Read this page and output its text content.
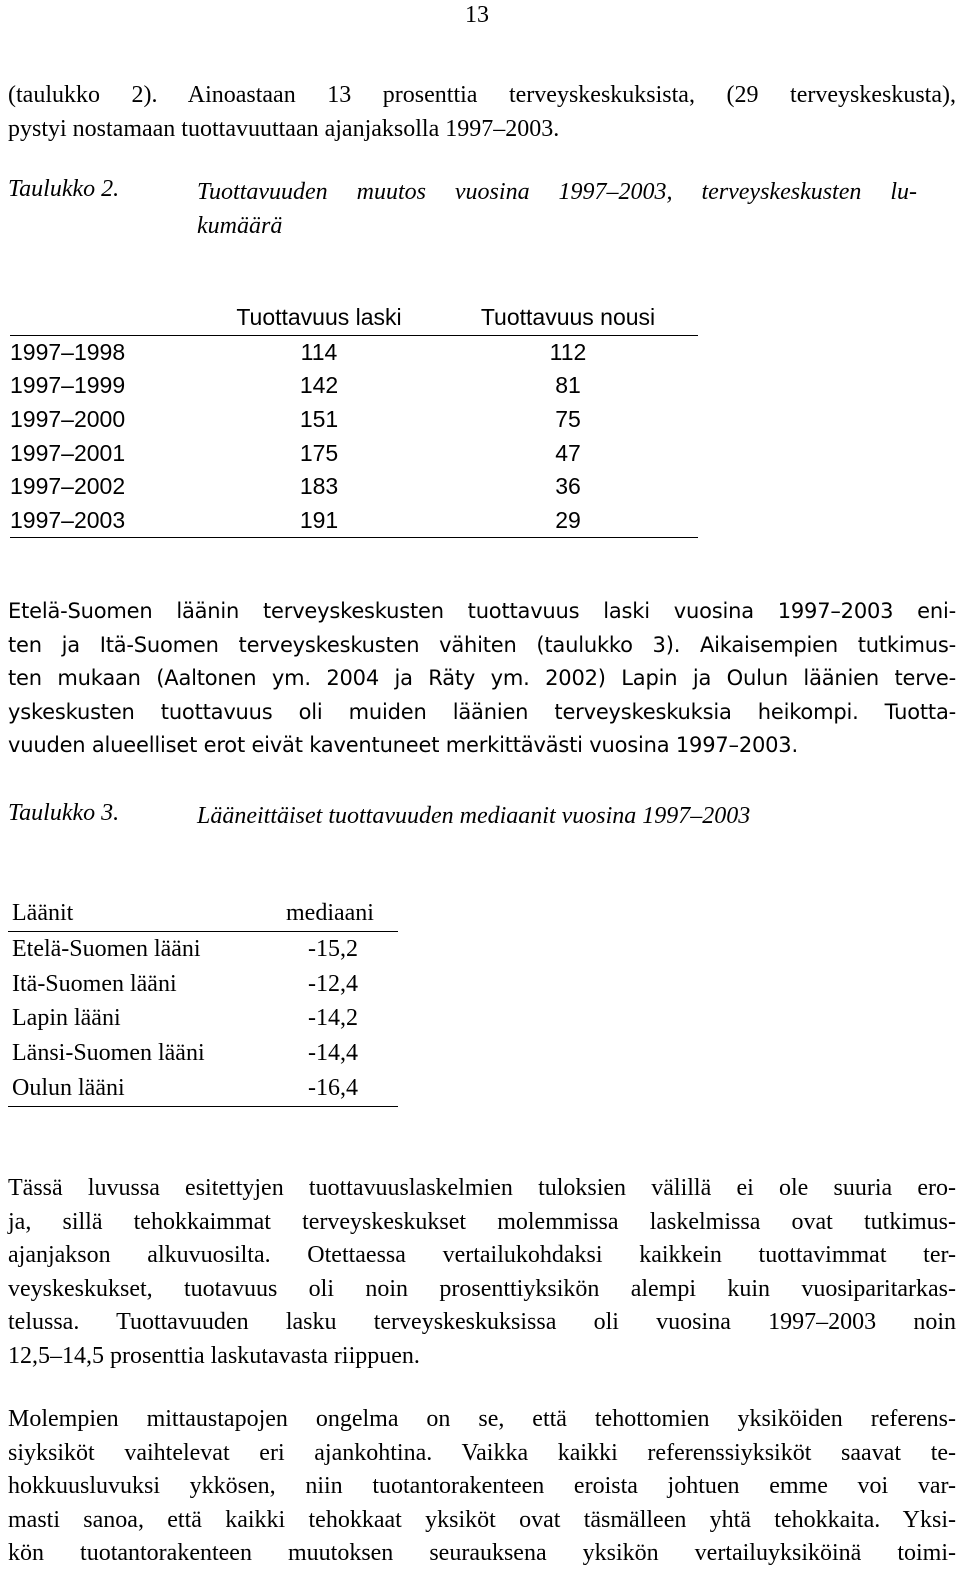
13

(taulukko 2). Ainoastaan 13 prosenttia terveyskeskuksista, (29 terveyskeskusta),
pystyi nostamaan tuottavuuttaan ajanjaksolla 1997–2003.

Taulukko 2.	Tuottavuuden muutos vuosina 1997–2003, terveyskeskusten lu-
kumäärä
	Tuottavuus laski	Tuottavuus nousi
1997–1998	114	112
1997–1999	142	81
1997–2000	151	75
1997–2001	175	47
1997–2002	183	36
1997–2003	191	29

Etelä-Suomen läänin terveyskeskusten tuottavuus laski vuosina 1997–2003 eni-
ten ja Itä-Suomen terveyskeskusten vähiten (taulukko 3). Aikaisempien tutkimus-
ten mukaan (Aaltonen ym. 2004 ja Räty ym. 2002) Lapin ja Oulun läänien terve-
yskeskusten tuottavuus oli muiden läänien terveyskeskuksia heikompi. Tuotta-
vuuden alueelliset erot eivät kaventuneet merkittävästi vuosina 1997–2003.

Taulukko 3.	Lääneittäiset tuottavuuden mediaanit vuosina 1997–2003
Läänit	mediaani
Etelä-Suomen lääni	-15,2
Itä-Suomen lääni	-12,4
Lapin lääni	-14,2
Länsi-Suomen lääni	-14,4
Oulun lääni	-16,4

Tässä luvussa esitettyjen tuottavuuslaskelmien tuloksien välillä ei ole suuria ero-
ja, sillä tehokkaimmat terveyskeskukset molemmissa laskelmissa ovat tutkimus-
ajanjakson alkuvuosilta. Otettaessa vertailukohdaksi kaikkein tuottavimmat ter-
veyskeskukset, tuotavuus oli noin prosenttiyksikön alempi kuin vuosiparitarkas-
telussa. Tuottavuuden lasku terveyskeskuksissa oli vuosina 1997–2003 noin
12,5–14,5 prosenttia laskutavasta riippuen.

Molempien mittaustapojen ongelma on se, että tehottomien yksiköiden referens-
siyksiköt vaihtelevat eri ajankohtina. Vaikka kaikki referenssiyksiköt saavat te-
hokkuusluvuksi ykkösen, niin tuotantorakenteen eroista johtuen emme voi var-
masti sanoa, että kaikki tehokkaat yksiköt ovat täsmälleen yhtä tehokkaita. Yksi-
kön tuotantorakenteen muutoksen seurauksena yksikön vertailuyksiköinä toimi-
